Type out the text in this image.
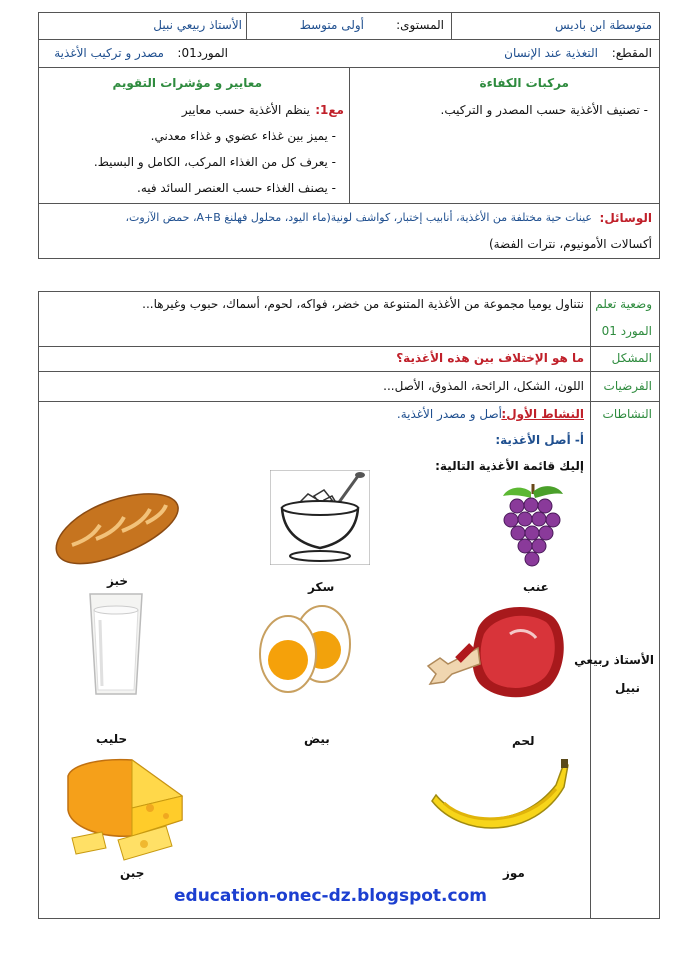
متوسطة ابن باديس
المستوى:
أولى متوسط
الأستاذ ربيعي نبيل
المقطع:
التغذية عند الإنسان
المورد01:
مصدر و تركيب الأغذية
مركبات الكفاءة
- تصنيف الأغذية حسب المصدر و التركيب.
معايير و مؤشرات التقويم
مع1:
ينظم الأغذية حسب معايير
- يميز بين غذاء عضوي و غذاء معدني.
- يعرف كل من الغذاء المركب، الكامل و البسيط.
- يصنف الغذاء حسب العنصر السائد فيه.
الوسائل:
عينات حية مختلفة من الأغذية، أنابيب إختبار، كواشف لونية(ماء اليود، محلول فهلنغ A+B، حمض الآزوت،
أكسالات الأمونيوم، نترات الفضة)
وضعية تعلم
المورد 01
نتناول يوميا مجموعة من الأغذية المتنوعة من خضر، فواكه، لحوم، أسماك، حبوب وغيرها...
المشكل
ما هو الإختلاف بين هذه الأغذية؟
الفرضيات
اللون، الشكل، الرائحة، المذوق، الأصل...
النشاطات
الأستاذ ربيعي
نبيل
النشاط الأول:
أصل و مصدر الأغذية.
أ- أصل الأغذية:
إليك قائمة الأغذية التالية:
عنب
سكر
خبز
لحم
بيض
حليب
موز
جبن
education-onec-dz.blogspot.com
